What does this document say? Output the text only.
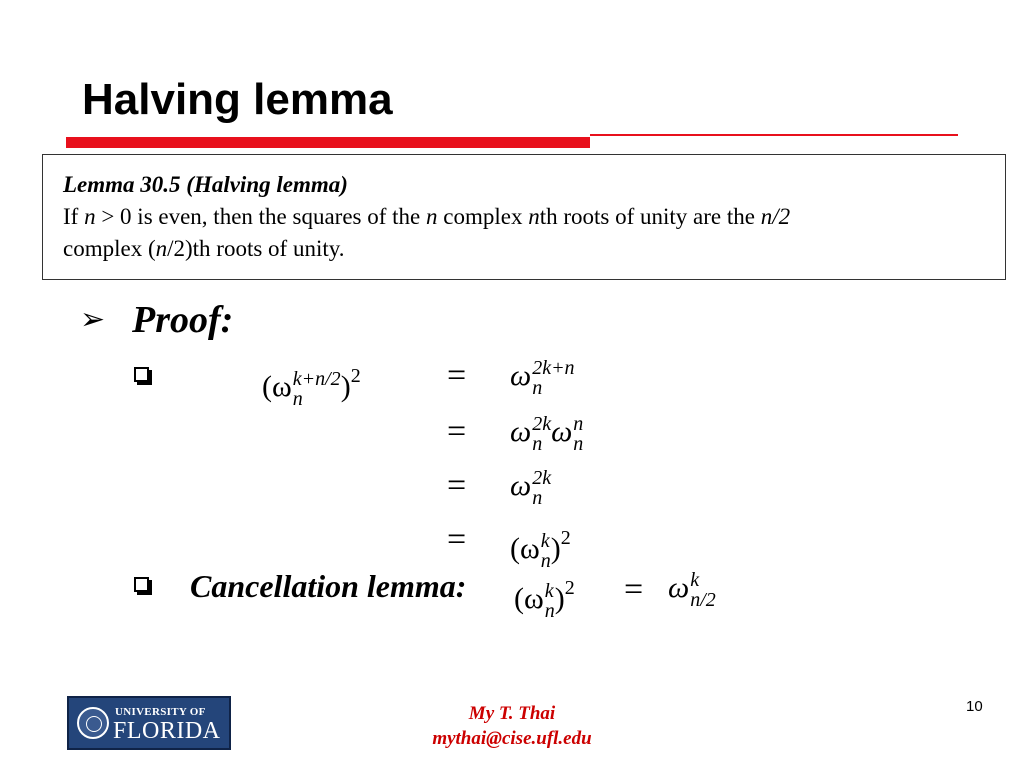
Halving lemma
Lemma 30.5 (Halving lemma)
If n > 0 is even, then the squares of the n complex nth roots of unity are the n/2
complex (n/2)th roots of unity.
➢ Proof:
(ω k+n/2
n	)$^2$	= ω 2k+n
n
= ω 2k
n ω n
n
= ω 2k
n
= (ω k
n )$^2$
Cancellation lemma: (ω k
n )$^2$ = ω k
n/2
UNIVERSITY OF
FLORIDA
My T. Thai
mythai@cise.ufl.edu
10
